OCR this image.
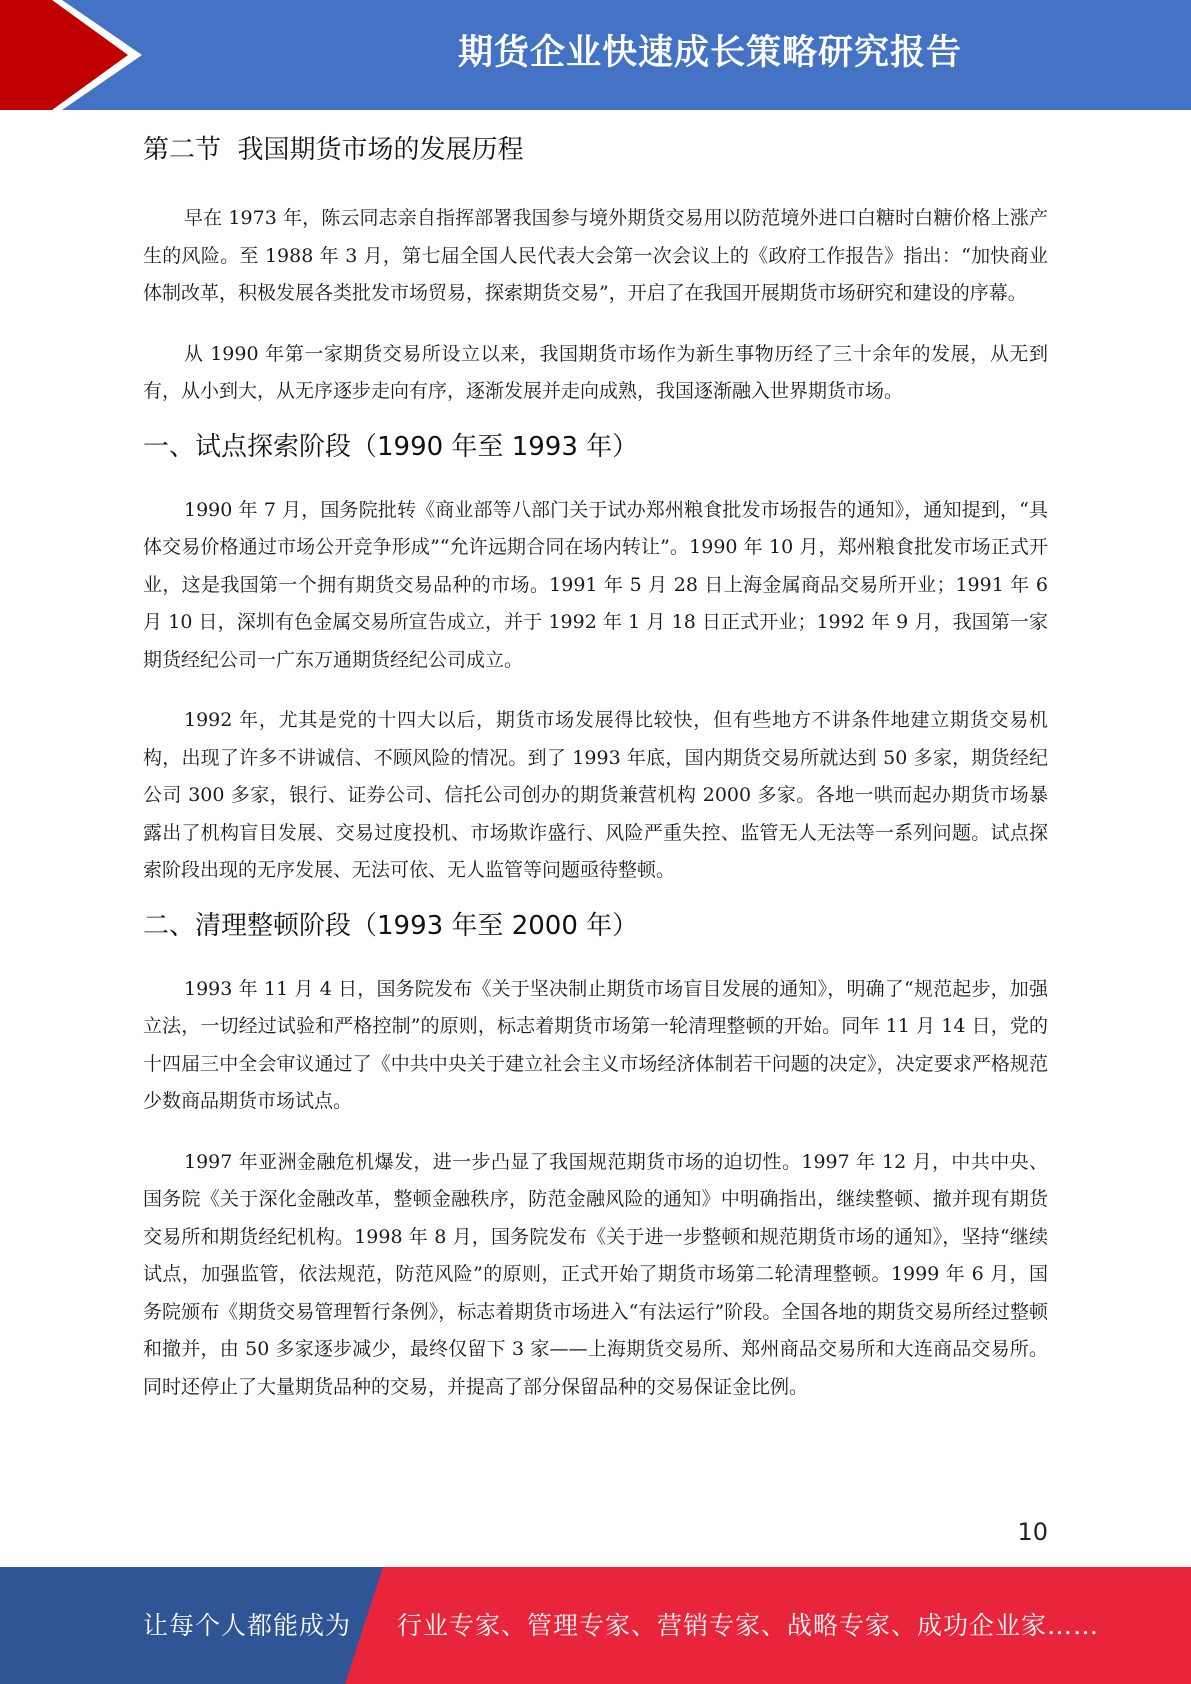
期货企业快速成长策略研究报告
第二节  我国期货市场的发展历程

早在 1973 年，陈云同志亲自指挥部署我国参与境外期货交易用以防范境外进口白糖时白糖价格上涨产生的风险。至 1988 年 3 月，第七届全国人民代表大会第一次会议上的《政府工作报告》指出：“加快商业体制改革，积极发展各类批发市场贸易，探索期货交易”，开启了在我国开展期货市场研究和建设的序幕。

从 1990 年第一家期货交易所设立以来，我国期货市场作为新生事物历经了三十余年的发展，从无到有，从小到大，从无序逐步走向有序，逐渐发展并走向成熟，我国逐渐融入世界期货市场。

一、试点探索阶段（1990 年至 1993 年）

1990 年 7 月，国务院批转《商业部等八部门关于试办郑州粮食批发市场报告的通知》，通知提到，“具体交易价格通过市场公开竞争形成”“允许远期合同在场内转让”。1990 年 10 月，郑州粮食批发市场正式开业，这是我国第一个拥有期货交易品种的市场。1991 年 5 月 28 日上海金属商品交易所开业；1991 年 6 月 10 日，深圳有色金属交易所宣告成立，并于 1992 年 1 月 18 日正式开业；1992 年 9 月，我国第一家期货经纪公司一广东万通期货经纪公司成立。

1992 年，尤其是党的十四大以后，期货市场发展得比较快，但有些地方不讲条件地建立期货交易机构，出现了许多不讲诚信、不顾风险的情况。到了 1993 年底，国内期货交易所就达到 50 多家，期货经纪公司 300 多家，银行、证券公司、信托公司创办的期货兼营机构 2000 多家。各地一哄而起办期货市场暴露出了机构盲目发展、交易过度投机、市场欺诈盛行、风险严重失控、监管无人无法等一系列问题。试点探索阶段出现的无序发展、无法可依、无人监管等问题亟待整顿。

二、清理整顿阶段（1993 年至 2000 年）

1993 年 11 月 4 日，国务院发布《关于坚决制止期货市场盲目发展的通知》，明确了“规范起步，加强立法，一切经过试验和严格控制”的原则，标志着期货市场第一轮清理整顿的开始。同年 11 月 14 日，党的十四届三中全会审议通过了《中共中央关于建立社会主义市场经济体制若干问题的决定》，决定要求严格规范少数商品期货市场试点。

1997 年亚洲金融危机爆发，进一步凸显了我国规范期货市场的迫切性。1997 年 12 月，中共中央、国务院《关于深化金融改革，整顿金融秩序，防范金融风险的通知》中明确指出，继续整顿、撤并现有期货交易所和期货经纪机构。1998 年 8 月，国务院发布《关于进一步整顿和规范期货市场的通知》，坚持“继续试点，加强监管，依法规范，防范风险”的原则，正式开始了期货市场第二轮清理整顿。1999 年 6 月，国务院颁布《期货交易管理暂行条例》，标志着期货市场进入“有法运行”阶段。全国各地的期货交易所经过整顿和撤并，由 50 多家逐步减少，最终仅留下 3 家——上海期货交易所、郑州商品交易所和大连商品交易所。同时还停止了大量期货品种的交易，并提高了部分保留品种的交易保证金比例。

10
让每个人都能成为 行业专家、管理专家、营销专家、战略专家、成功企业家……
